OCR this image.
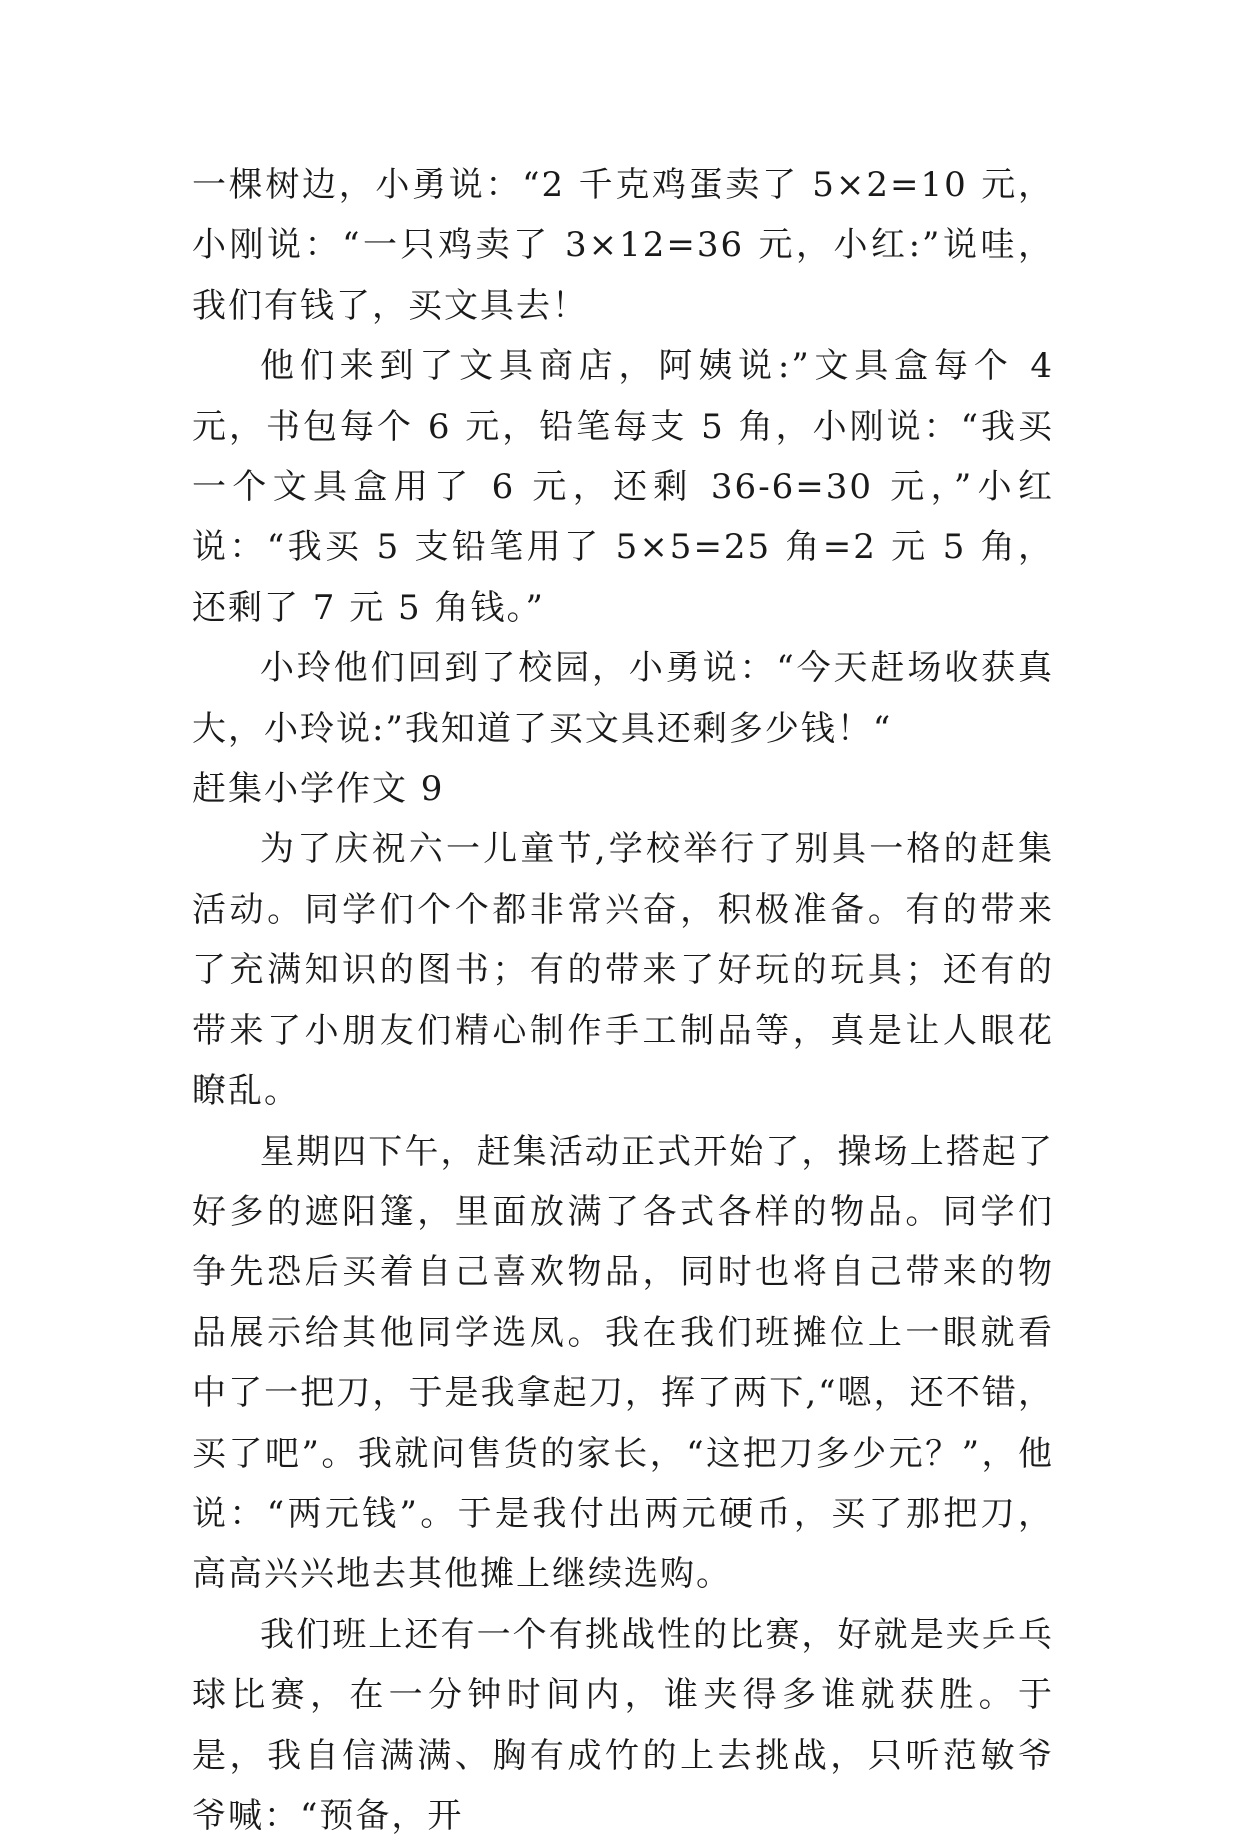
一棵树边，小勇说：“2 千克鸡蛋卖了 5×2=10 元，小刚说：“一只鸡卖了 3×12=36 元，小红:”说哇，我们有钱了，买文具去！

他们来到了文具商店，阿姨说:”文具盒每个 4 元，书包每个 6 元，铅笔每支 5 角，小刚说：“我买一个文具盒用了 6 元，还剩 36-6=30 元，”小红说：“我买 5 支铅笔用了 5×5=25 角=2 元 5 角，还剩了 7 元 5 角钱。”

小玲他们回到了校园，小勇说：“今天赶场收获真大，小玲说:”我知道了买文具还剩多少钱！“

赶集小学作文 9

为了庆祝六一儿童节,学校举行了别具一格的赶集活动。同学们个个都非常兴奋，积极准备。有的带来了充满知识的图书；有的带来了好玩的玩具；还有的带来了小朋友们精心制作手工制品等，真是让人眼花瞭乱。

星期四下午，赶集活动正式开始了，操场上搭起了好多的遮阳篷，里面放满了各式各样的物品。同学们争先恐后买着自己喜欢物品，同时也将自己带来的物品展示给其他同学选凤。我在我们班摊位上一眼就看中了一把刀，于是我拿起刀，挥了两下,“嗯，还不错，买了吧”。我就问售货的家长，“这把刀多少元？”，他说：“两元钱”。于是我付出两元硬币，买了那把刀，高高兴兴地去其他摊上继续选购。

我们班上还有一个有挑战性的比赛，好就是夹乒乓球比赛，在一分钟时间内，谁夹得多谁就获胜。于是，我自信满满、胸有成竹的上去挑战，只听范敏爷爷喊：“预备，开
